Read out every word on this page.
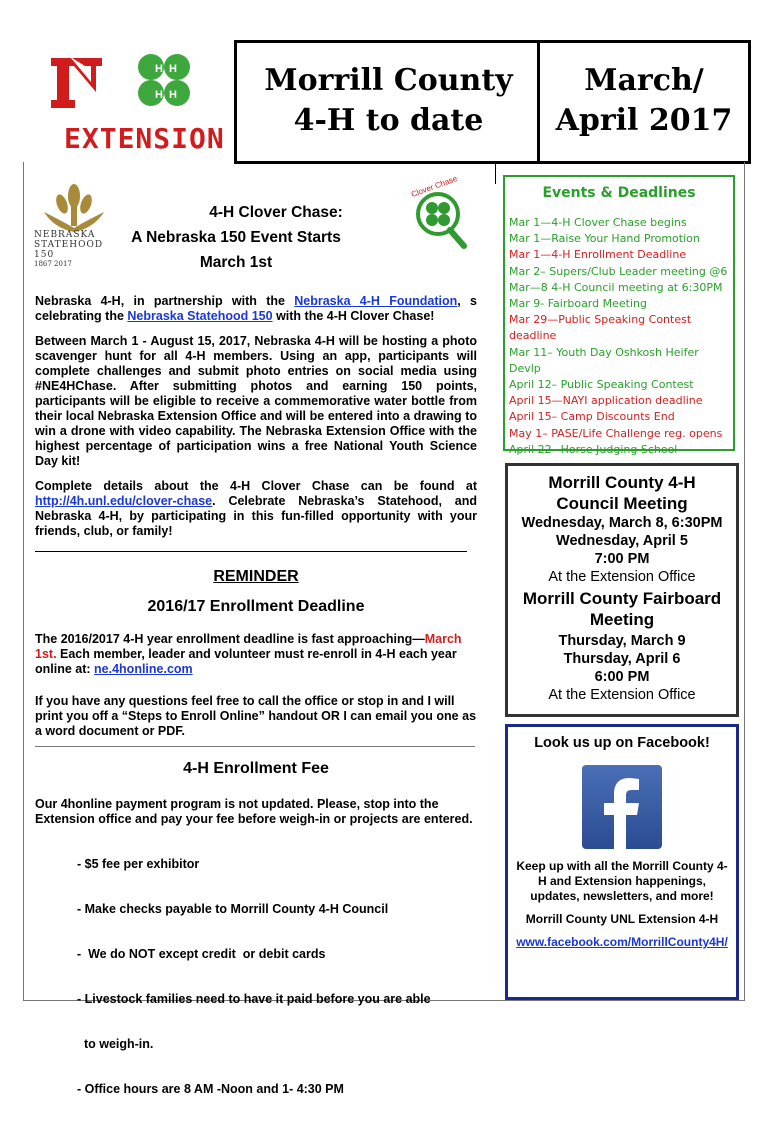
H H
H H
EXTENSION
Morrill County
4-H to date
March/
April 2017
NEBRASKA STATEHOOD 150
1867 2017
Clover Chase
4-H Clover Chase:
A Nebraska 150 Event Starts
March 1st

Nebraska 4-H, in partnership with the Nebraska 4-H Foundation, s celebrating the Nebraska Statehood 150 with the 4-H Clover Chase!

Between March 1 - August 15, 2017, Nebraska 4-H will be hosting a photo scavenger hunt for all 4-H members. Using an app, participants will complete challenges and submit photo entries on social media using #NE4HChase. After submitting photos and earning 150 points, participants will be eligible to receive a commemorative water bottle from their local Nebraska Extension Office and will be entered into a drawing to win a drone with video capability. The Nebraska Extension Office with the highest percentage of participation wins a free National Youth Science Day kit!

Complete details about the 4-H Clover Chase can be found at http://4h.unl.edu/clover-chase. Celebrate Nebraska’s Statehood, and Nebraska 4-H, by participating in this fun-filled opportunity with your friends, club, or family!

REMINDER
2016/17 Enrollment Deadline

The 2016/2017 4-H year enrollment deadline is fast approaching—March 1st. Each member, leader and volunteer must re-enroll in 4-H each year online at: ne.4honline.com

If you have any questions feel free to call the office or stop in and I will print you off a “Steps to Enroll Online” handout OR I can email you one as a word document or PDF.

4-H Enrollment Fee

Our 4honline payment program is not updated. Please, stop into the Extension office and pay your fee before weigh-in or projects are entered.

- $5 fee per exhibitor

- Make checks payable to Morrill County 4-H Council

-  We do NOT except credit  or debit cards

- Livestock families need to have it paid before you are able

to weigh-in.

- Office hours are 8 AM -Noon and 1- 4:30 PM

Events & Deadlines
Mar 1—4-H Clover Chase begins
Mar 1—Raise Your Hand Promotion
Mar 1—4-H Enrollment Deadline
Mar 2– Supers/Club Leader meeting @6
Mar—8 4-H Council meeting at 6:30PM
Mar 9- Fairboard Meeting
Mar 29—Public Speaking Contest deadline
Mar 11– Youth Day Oshkosh Heifer Devlp
April 12– Public Speaking Contest
April 15—NAYI application deadline
April 15– Camp Discounts End
May 1– PASE/Life Challenge reg. opens
April 22– Horse Judging School
Morrill County 4-H
Council Meeting
Wednesday, March 8, 6:30PM
Wednesday, April 5
7:00 PM
At the Extension Office
Morrill County Fairboard
Meeting
Thursday, March 9
Thursday, April 6
6:00 PM
At the Extension Office
Look us up on Facebook!
Keep up with all the Morrill County 4-H and Extension happenings, updates, newsletters, and more!
Morrill County UNL Extension 4-H
www.facebook.com/MorrillCounty4H/
